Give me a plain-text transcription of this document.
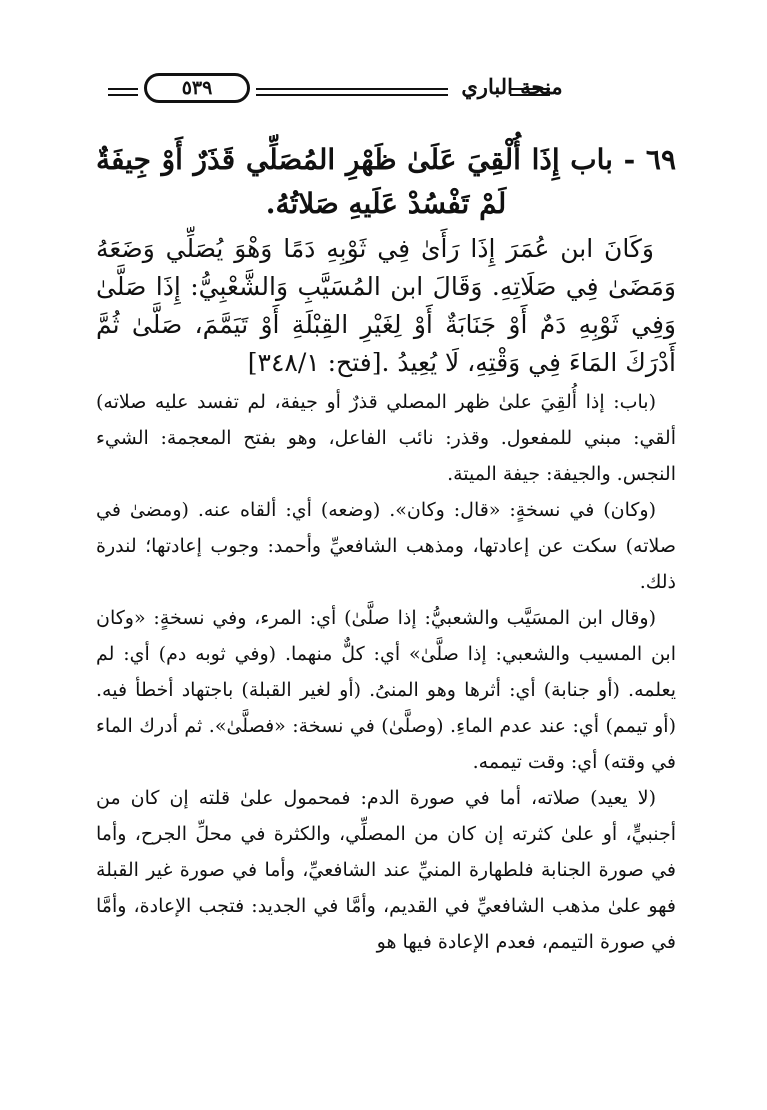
منحة الباري
٥٣٩

٦٩ - باب إِذَا أُلْقِيَ عَلَىٰ ظَهْرِ المُصَلِّي قَذَرٌ أَوْ جِيفَةٌ لَمْ تَفْسُدْ عَلَيهِ صَلاتُهُ.

وَكَانَ ابن عُمَرَ إِذَا رَأَىٰ فِي ثَوْبِهِ دَمًا وَهْوَ يُصَلِّي وَضَعَهُ وَمَضَىٰ فِي صَلَاتِهِ. وَقَالَ ابن المُسَيَّبِ وَالشَّعْبِيُّ: إِذَا صَلَّىٰ وَفِي ثَوْبِهِ دَمٌ أَوْ جَنَابَةٌ أَوْ لِغَيْرِ القِبْلَةِ أَوْ تَيَمَّمَ، صَلَّىٰ ثُمَّ أَدْرَكَ المَاءَ فِي وَقْتِهِ، لَا يُعِيدُ .[فتح: ٣٤٨/١]

(باب: إذا أُلقِيَ علىٰ ظهر المصلي قذرٌ أو جيفة، لم تفسد عليه صلاته) ألقي: مبني للمفعول. وقذر: نائب الفاعل، وهو بفتح المعجمة: الشيء النجس. والجيفة: جيفة الميتة.

(وكان) في نسخةٍ: «قال: وكان». (وضعه) أي: ألقاه عنه. (ومضىٰ في صلاته) سكت عن إعادتها، ومذهب الشافعيِّ وأحمد: وجوب إعادتها؛ لندرة ذلك.

(وقال ابن المسَيَّب والشعبيُّ: إذا صلَّىٰ) أي: المرء، وفي نسخةٍ: «وكان ابن المسيب والشعبي: إذا صلَّىٰ» أي: كلٌّ منهما. (وفي ثوبه دم) أي: لم يعلمه. (أو جنابة) أي: أثرها وهو المنىُ. (أو لغير القبلة) باجتهاد أخطأ فيه. (أو تيمم) أي: عند عدم الماءِ. (وصلَّىٰ) في نسخة: «فصلَّىٰ». ثم أدرك الماء في وقته) أي: وقت تيممه.

(لا يعيد) صلاته، أما في صورة الدم: فمحمول علىٰ قلته إن كان من أجنبيٍّ، أو علىٰ كثرته إن كان من المصلِّي، والكثرة في محلِّ الجرح، وأما في صورة الجنابة فلطهارة المنيِّ عند الشافعيِّ، وأما في صورة غير القبلة فهو علىٰ مذهب الشافعيِّ في القديم، وأمَّا في الجديد: فتجب الإعادة، وأمَّا في صورة التيمم، فعدم الإعادة فيها هو
